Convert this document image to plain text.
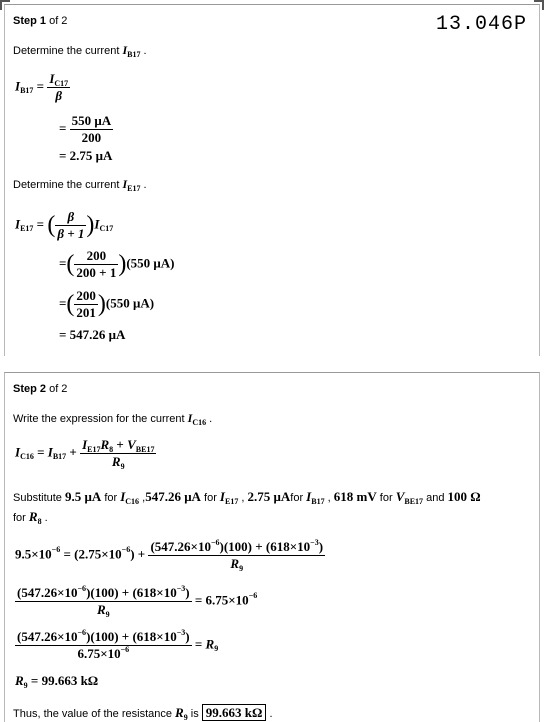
Step 1 of 2	13.046P
Determine the current $I_{B17}$ .
$I_{B17} = \frac{I_{C17}}{\beta}$
= $\frac{550 \mu A}{200}$
= 2.75 μA
Determine the current $I_{E17}$ .
$I_{E17}$ = ( $\frac{\beta}{\beta + 1} )I_{C17}$
=( $\frac{200}{200 + 1} )(550$ μA)
=( $\frac{200}{201} )(550$ μA)
= 547.26 μA
Step 2 of 2
Write the expression for the current $I_{C16}$ .
$I_{C16} = I_{B17} + \frac{I_{E17}R_8 + V_{BE17}}{R_9}$
Substitute 9.5 μA for $I_{C16}$ ,547.26 μA for $I_{E17}$ , 2.75 μAfor $I_{B17}$ , 618 mV for $V_{BE17}$ and 100 Ω
for $R_8$ .
$9.5\times 10^{-6} = (2.75\times 10^{-6}) + \frac{(547.26\times 10^{-6})(100) + (618\times 10^{-3})}{R_9}$
$\frac{(547.26\times 10^{-6})(100) + (618\times 10^{-3})}{R_9} = 6.75\times 10^{-6}$
$\frac{(547.26\times 10^{-6})(100) + (618\times 10^{-3})}{6.75\times 10^{-6}} = R_9$
$R_9 = 99.663$ kΩ
Thus, the value of the resistance $R_9$ is 99.663 kΩ .
